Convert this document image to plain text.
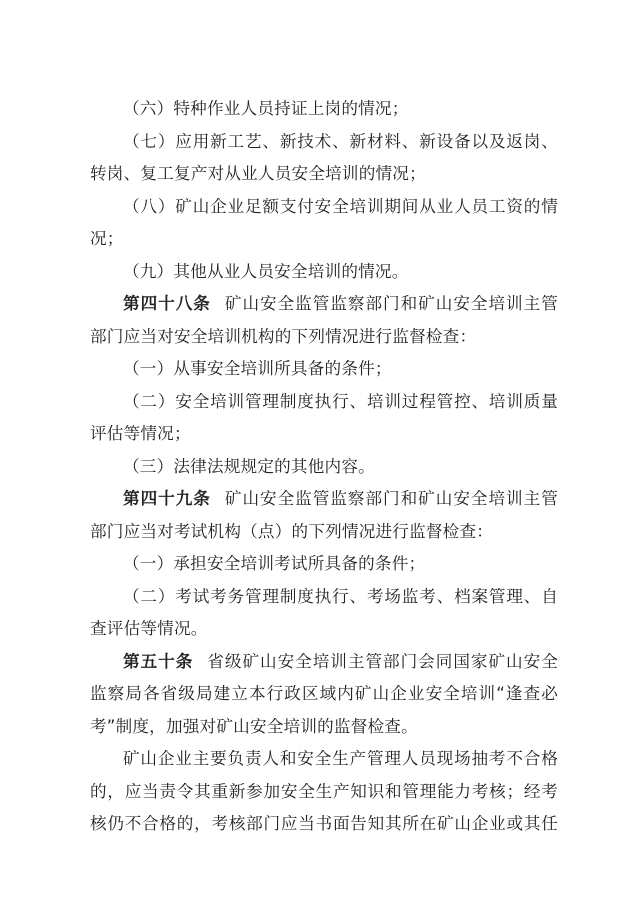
（六）特种作业人员持证上岗的情况；
（七）应用新工艺、新技术、新材料、新设备以及返岗、
转岗、复工复产对从业人员安全培训的情况；
（八）矿山企业足额支付安全培训期间从业人员工资的情
况；
（九）其他从业人员安全培训的情况。
第四十八条 矿山安全监管监察部门和矿山安全培训主管
部门应当对安全培训机构的下列情况进行监督检查：
（一）从事安全培训所具备的条件；
（二）安全培训管理制度执行、培训过程管控、培训质量
评估等情况；
（三）法律法规规定的其他内容。
第四十九条 矿山安全监管监察部门和矿山安全培训主管
部门应当对考试机构（点）的下列情况进行监督检查：
（一）承担安全培训考试所具备的条件；
（二）考试考务管理制度执行、考场监考、档案管理、自
查评估等情况。
第五十条 省级矿山安全培训主管部门会同国家矿山安全
监察局各省级局建立本行政区域内矿山企业安全培训“逢查必
考”制度，加强对矿山安全培训的监督检查。
矿山企业主要负责人和安全生产管理人员现场抽考不合格
的，应当责令其重新参加安全生产知识和管理能力考核；经考
核仍不合格的，考核部门应当书面告知其所在矿山企业或其任
